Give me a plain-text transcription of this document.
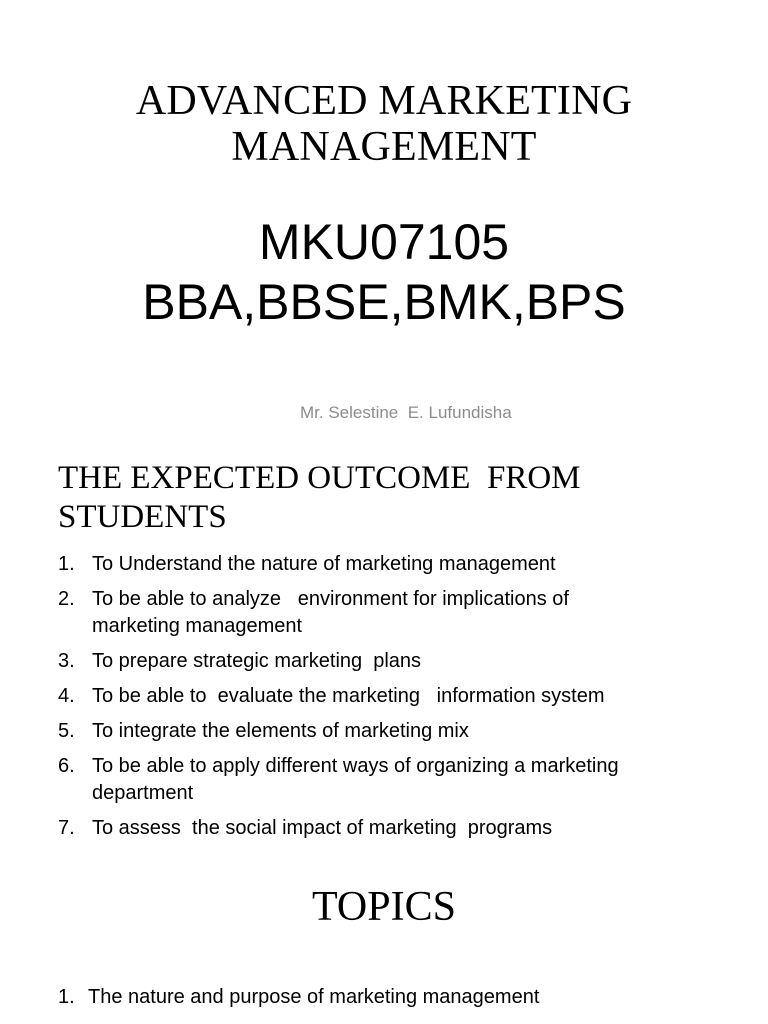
ADVANCED MARKETING
MANAGEMENT
MKU07105
BBA,BBSE,BMK,BPS
Mr. Selestine  E. Lufundisha
THE EXPECTED OUTCOME  FROM
STUDENTS
1. To Understand the nature of marketing management
2. To be able to analyze   environment for implications of
marketing management
3. To prepare strategic marketing  plans
4. To be able to  evaluate the marketing   information system
5. To integrate the elements of marketing mix
6. To be able to apply different ways of organizing a marketing
department
7. To assess  the social impact of marketing  programs
TOPICS
1. The nature and purpose of marketing management
